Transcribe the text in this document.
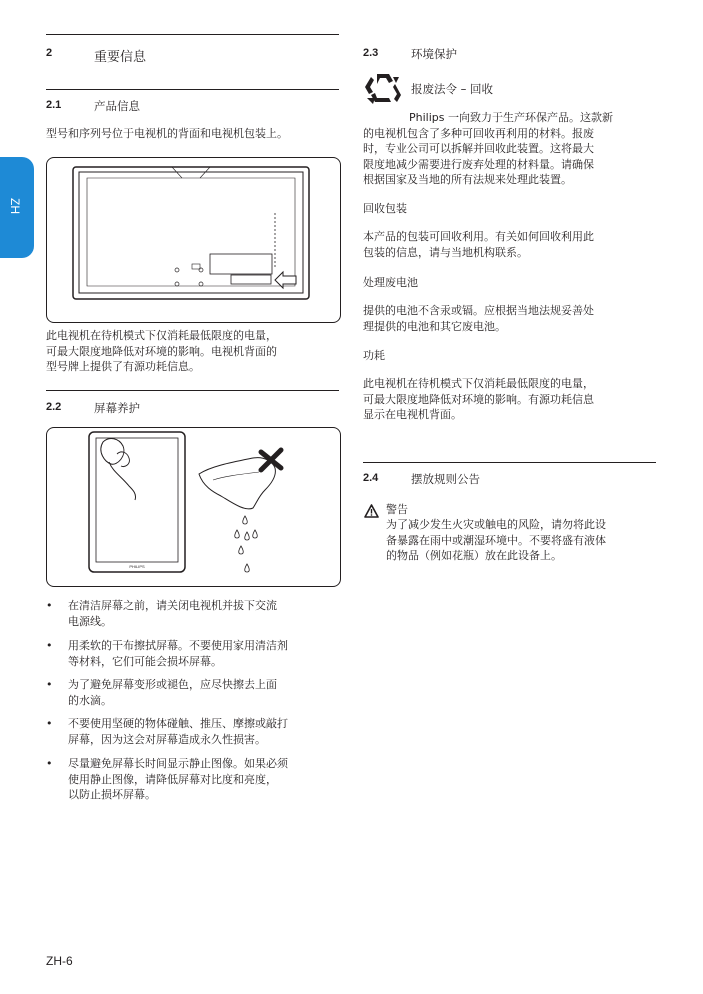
ZH
2	重要信息
2.1	产品信息
型号和序列号位于电视机的背面和电视机包装上。
此电视机在待机模式下仅消耗最低限度的电量，
可最大限度地降低对环境的影响。电视机背面的
型号牌上提供了有源功耗信息。
2.2	屏幕养护
PHILIPS
• 在清洁屏幕之前，请关闭电视机并拔下交流
电源线。
• 用柔软的干布擦拭屏幕。不要使用家用清洁剂
等材料，它们可能会损坏屏幕。
• 为了避免屏幕变形或褪色，应尽快擦去上面
的水滴。
• 不要使用坚硬的物体碰触、推压、摩擦或敲打
屏幕，因为这会对屏幕造成永久性损害。
• 尽量避免屏幕长时间显示静止图像。如果必须
使用静止图像，请降低屏幕对比度和亮度，
以防止损坏屏幕。
ZH-6
2.3	环境保护
报废法令 – 回收
Philips 一向致力于生产环保产品。这款新
的电视机包含了多种可回收再利用的材料。报废
时，专业公司可以拆解并回收此装置。这将最大
限度地减少需要进行废弃处理的材料量。请确保
根据国家及当地的所有法规来处理此装置。
回收包装
本产品的包装可回收利用。有关如何回收利用此
包装的信息，请与当地机构联系。
处理废电池
提供的电池不含汞或镉。应根据当地法规妥善处
理提供的电池和其它废电池。
功耗
此电视机在待机模式下仅消耗最低限度的电量，
可最大限度地降低对环境的影响。有源功耗信息
显示在电视机背面。
2.4	摆放规则公告
警告
为了减少发生火灾或触电的风险，请勿将此设
备暴露在雨中或潮湿环境中。不要将盛有液体
的物品（例如花瓶）放在此设备上。
